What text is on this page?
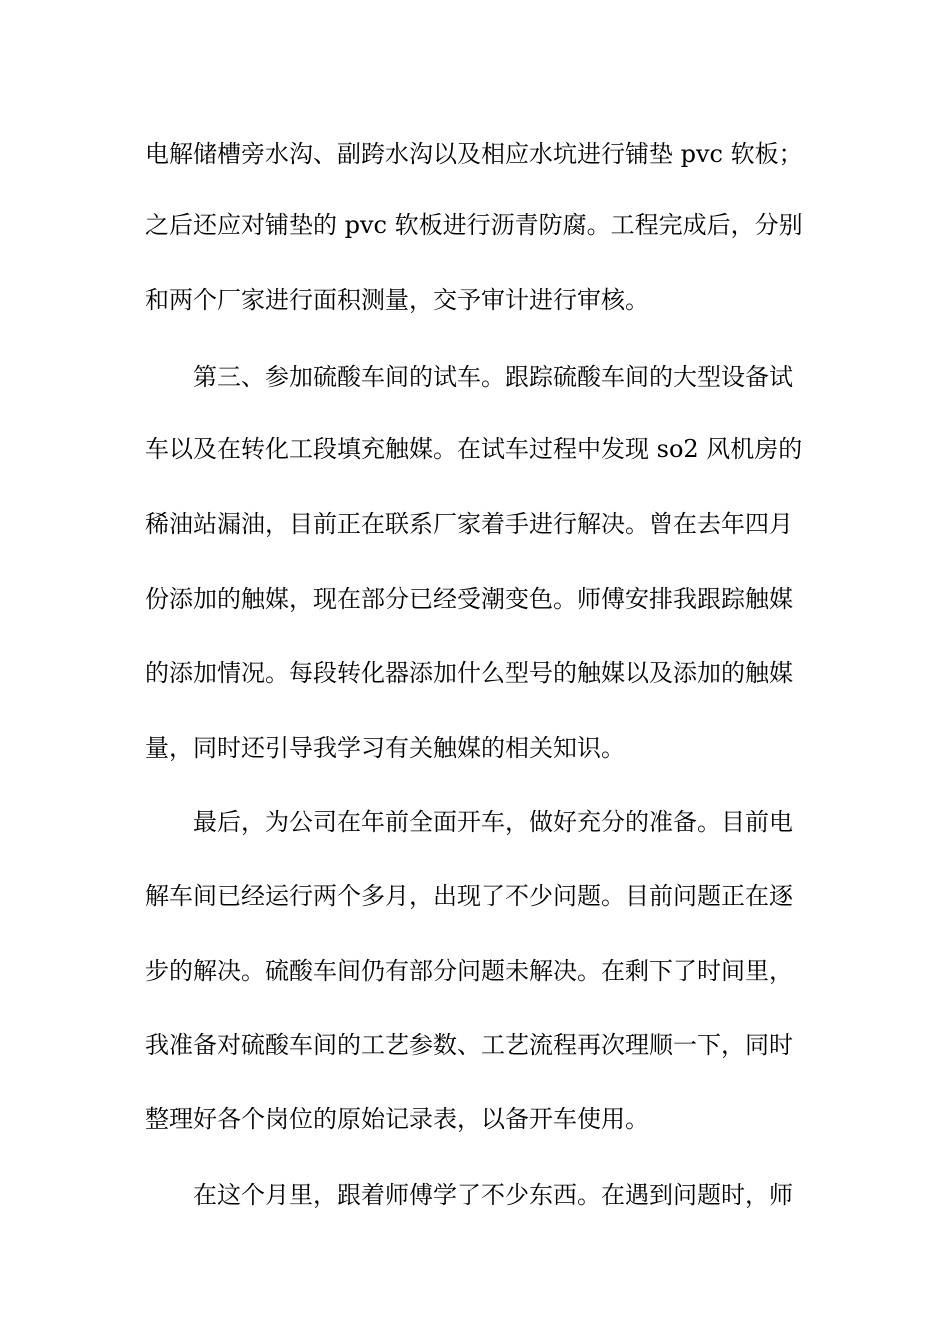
电解储槽旁水沟、副跨水沟以及相应水坑进行铺垫 pvc 软板；
之后还应对铺垫的 pvc 软板进行沥青防腐。工程完成后，分别
和两个厂家进行面积测量，交予审计进行审核。
第三、参加硫酸车间的试车。跟踪硫酸车间的大型设备试
车以及在转化工段填充触媒。在试车过程中发现 so2 风机房的
稀油站漏油，目前正在联系厂家着手进行解决。曾在去年四月
份添加的触媒，现在部分已经受潮变色。师傅安排我跟踪触媒
的添加情况。每段转化器添加什么型号的触媒以及添加的触媒
量，同时还引导我学习有关触媒的相关知识。
最后，为公司在年前全面开车，做好充分的准备。目前电
解车间已经运行两个多月，出现了不少问题。目前问题正在逐
步的解决。硫酸车间仍有部分问题未解决。在剩下了时间里，
我准备对硫酸车间的工艺参数、工艺流程再次理顺一下，同时
整理好各个岗位的原始记录表，以备开车使用。
在这个月里，跟着师傅学了不少东西。在遇到问题时，师
